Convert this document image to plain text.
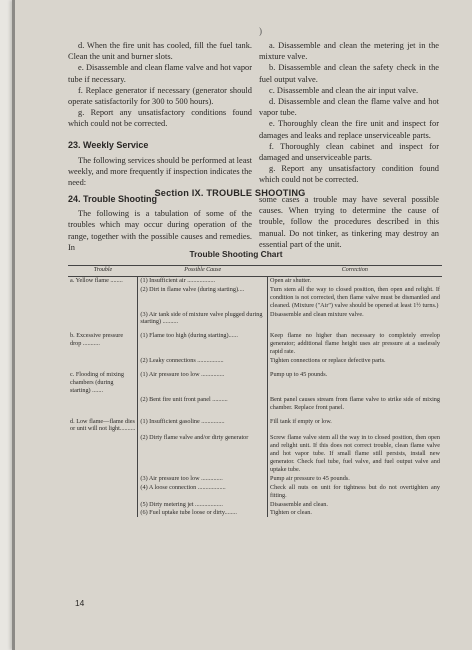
d. When the fire unit has cooled, fill the fuel tank. Clean the unit and burner slots.

e. Disassemble and clean flame valve and hot vapor tube if necessary.

f. Replace generator if necessary (generator should operate satisfactorily for 300 to 500 hours).

g. Report any unsatisfactory conditions found which could not be corrected.

23. Weekly Service

The following services should be performed at least weekly, and more frequently if inspection indicates the need:

)

a. Disassemble and clean the metering jet in the mixture valve.

b. Disassemble and clean the safety check in the fuel output valve.

c. Disassemble and clean the air input valve.

d. Disassemble and clean the flame valve and hot vapor tube.

e. Thoroughly clean the fire unit and inspect for damages and leaks and replace unserviceable parts.

f. Thoroughly clean cabinet and inspect for damaged and unserviceable parts.

g. Report any unsatisfactory condition found which could not be corrected.

Section IX. TROUBLE SHOOTING
24. Trouble Shooting

The following is a tabulation of some of the troubles which may occur during operation of the range, together with the possible causes and remedies. In

some cases a trouble may have several possible causes. When trying to determine the cause of trouble, follow the procedures described in this manual. Do not tinker, as tinkering may destroy an essential part of the unit.
Trouble Shooting Chart
Trouble	Possible Cause	Correction
a. Yellow flame ........	(1) Insufficient air ..................	Open air shutter.
	(2) Dirt in flame valve (during starting)....	Turn stem all the way to closed position, then open and relight. If condition is not corrected, then flame valve must be dismantled and cleaned. (Mixture ("Air") valve should be opened at least 1½ turns.)
	(3) Air tank side of mixture valve plugged during starting) ..........	Disassemble and clean mixture valve.
b. Excessive pressure drop ...........	(1) Flame too high (during starting)......	Keep flame no higher than necessary to completely envelop generator; additional flame height uses air pressure at a uselessly rapid rate.
	(2) Leaky connections .................	Tighten connections or replace defective parts.
c. Flooding of mixing chambers (during starting) .......	(1) Air pressure too low ...............	Pump up to 45 pounds.
	(2) Bent fire unit front panel ..........	Bent panel causes stream from flame valve to strike side of mixing chamber. Replace front panel.
d. Low flame—flame dies or unit will not light..........	(1) Insufficient gasoline ...............	Fill tank if empty or low.
	(2) Dirty flame valve and/or dirty generator	Screw flame valve stem all the way in to closed position, then open and relight unit. If this does not correct trouble, clean flame valve and hot vapor tube. If small flame still persists, install new generator. Check fuel tube, fuel valve, and fuel output valve and uptake tube.
	(3) Air pressure too low ..............	Pump air pressure to 45 pounds.
	(4) A loose connection ..................	Check all nuts on unit for tightness but do not overtighten any fitting.
	(5) Dirty metering jet ..................	Disassemble and clean.
	(6) Fuel uptake tube loose or dirty........	Tighten or clean.
14
